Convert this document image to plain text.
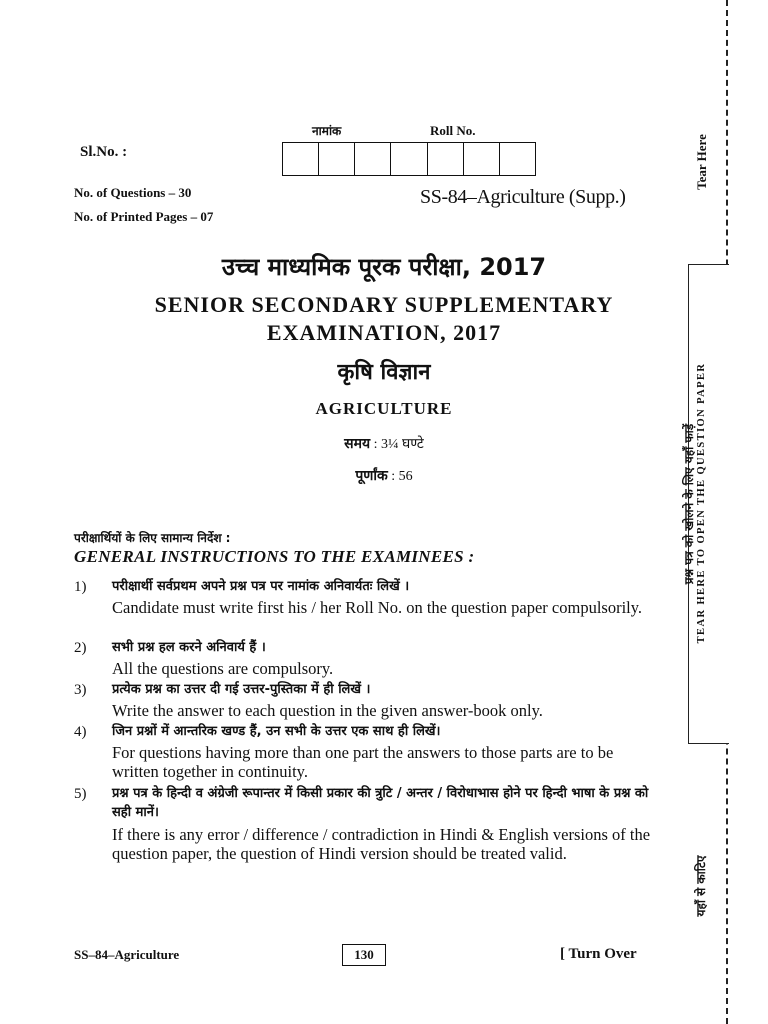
Tear Here
प्रश्न पत्र को खोलने के लिए यहाँ फाड़ें TEAR HERE TO OPEN THE QUESTION PAPER
यहाँ से काटिए
नामांक	Roll No.
Sl.No. :
No. of Questions – 30
No. of Printed Pages – 07
SS-84–Agriculture (Supp.)
उच्च माध्यमिक पूरक परीक्षा, 2017
SENIOR SECONDARY SUPPLEMENTARY
EXAMINATION, 2017
कृषि विज्ञान
AGRICULTURE
समय : 3¼ घण्टे
पूर्णांक : 56
परीक्षार्थियों के लिए सामान्य निर्देश :
GENERAL INSTRUCTIONS TO THE EXAMINEES :
1) परीक्षार्थी सर्वप्रथम अपने प्रश्न पत्र पर नामांक अनिवार्यतः लिखें ।
Candidate must write first his / her Roll No. on the question paper compulsorily.
2) सभी प्रश्न हल करने अनिवार्य हैं ।
All the questions are compulsory.
3) प्रत्येक प्रश्न का उत्तर दी गई उत्तर-पुस्तिका में ही लिखें ।
Write the answer to each question in the given answer-book only.
4) जिन प्रश्नों में आन्तरिक खण्ड हैं, उन सभी के उत्तर एक साथ ही लिखें।
For questions having more than one part the answers to those parts are to be written together in continuity.
5) प्रश्न पत्र के हिन्दी व अंग्रेजी रूपान्तर में किसी प्रकार की त्रुटि / अन्तर / विरोधाभास होने पर हिन्दी भाषा के प्रश्न को सही मानें।
If there is any error / difference / contradiction in Hindi & English versions of the question paper, the question of Hindi version should be treated valid.
SS–84–Agriculture	130	[ Turn Over
